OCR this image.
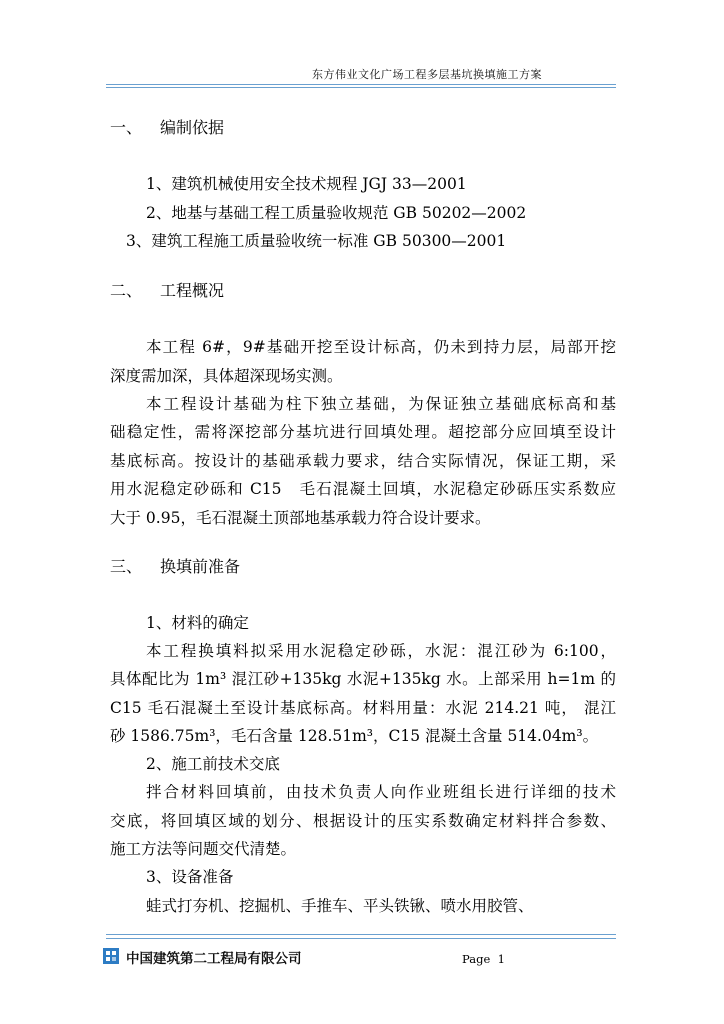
东方伟业文化广场工程多层基坑换填施工方案
一、 编制依据
1、建筑机械使用安全技术规程 JGJ 33—2001
2、地基与基础工程工质量验收规范 GB 50202—2002
3、建筑工程施工质量验收统一标准 GB 50300—2001
二、 工程概况
本工程 6#，9#基础开挖至设计标高，仍未到持力层，局部开挖
深度需加深，具体超深现场实测。
本工程设计基础为柱下独立基础，为保证独立基础底标高和基
础稳定性，需将深挖部分基坑进行回填处理。超挖部分应回填至设计
基底标高。按设计的基础承载力要求，结合实际情况，保证工期，采
用水泥稳定砂砾和 C15　毛石混凝土回填，水泥稳定砂砾压实系数应
大于 0.95，毛石混凝土顶部地基承载力符合设计要求。
三、 换填前准备
1、材料的确定
本工程换填料拟采用水泥稳定砂砾，水泥：混江砂为 6:100，
具体配比为 1m³ 混江砂+135kg 水泥+135kg 水。上部采用 h=1m 的
C15 毛石混凝土至设计基底标高。材料用量：水泥 214.21 吨， 混江
砂 1586.75m³，毛石含量 128.51m³，C15 混凝土含量 514.04m³。
2、施工前技术交底
拌合材料回填前，由技术负责人向作业班组长进行详细的技术
交底，将回填区域的划分、根据设计的压实系数确定材料拌合参数、
施工方法等问题交代清楚。
3、设备准备
蛙式打夯机、挖掘机、手推车、平头铁锹、喷水用胶管、
中国建筑第二工程局有限公司	Page 1
